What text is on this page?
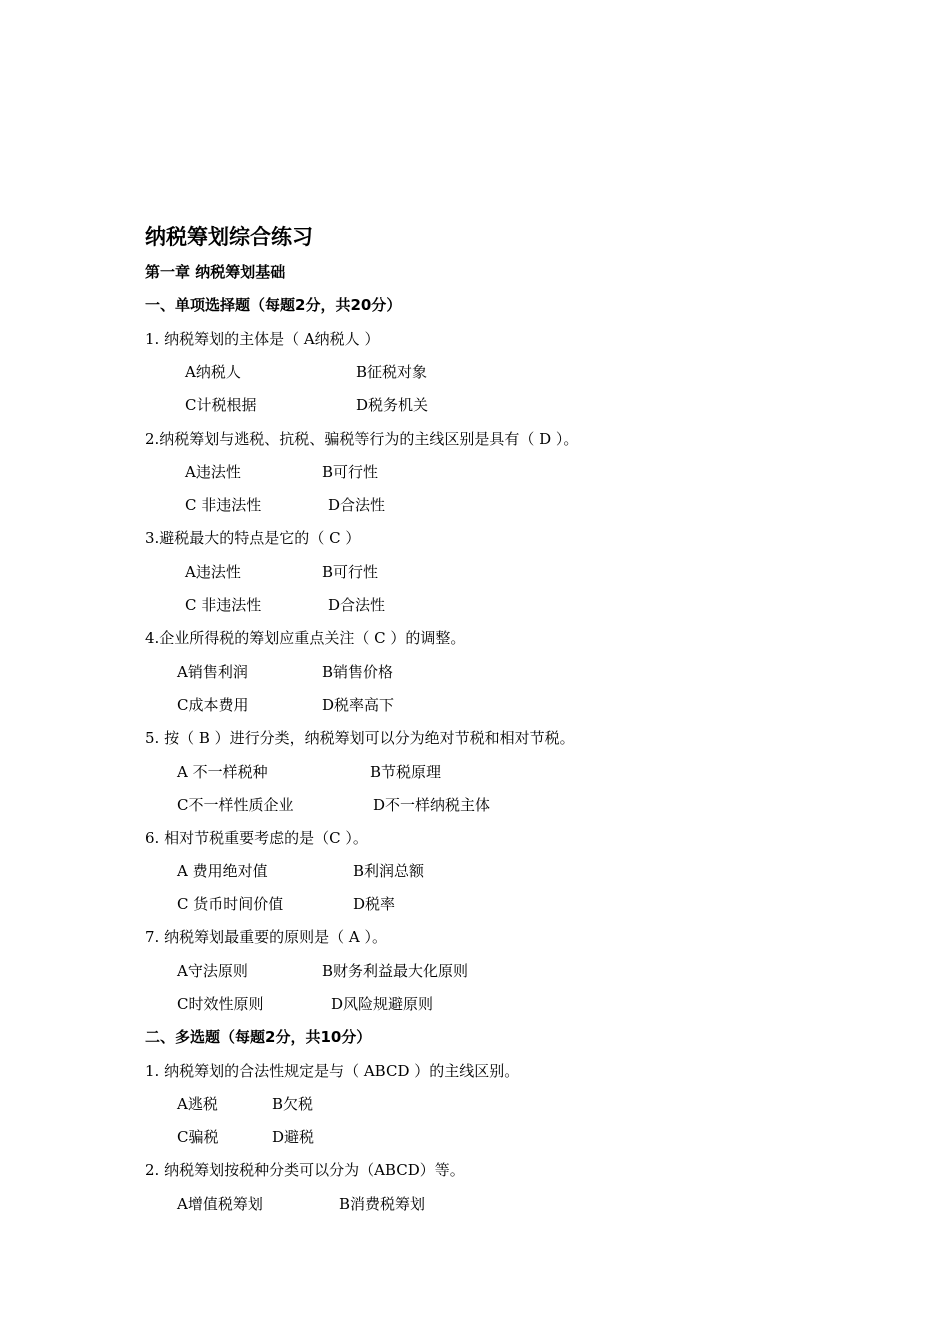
纳税筹划综合练习
第一章 纳税筹划基础
一、单项选择题（每题2分，共20分）
1. 纳税筹划的主体是（ A纳税人 ）
A纳税人	B征税对象
C计税根据	D税务机关
2.纳税筹划与逃税、抗税、骗税等行为的主线区别是具有（ D ）。
A违法性	B可行性
C 非违法性	D合法性
3.避税最大的特点是它的（ C ）
A违法性	B可行性
C 非违法性	D合法性
4.企业所得税的筹划应重点关注（ C ）的调整。
A销售利润	B销售价格
C成本费用	D税率高下
5. 按（ B ）进行分类，纳税筹划可以分为绝对节税和相对节税。
A 不一样税种	B节税原理
C不一样性质企业	D不一样纳税主体
6. 相对节税重要考虑的是（C ）。
A 费用绝对值	B利润总额
C 货币时间价值	D税率
7. 纳税筹划最重要的原则是（ A ）。
A守法原则	B财务利益最大化原则
C时效性原则	D风险规避原则
二、多选题（每题2分，共10分）
1. 纳税筹划的合法性规定是与（ ABCD ）的主线区别。
A逃税	B欠税
C骗税	D避税
2. 纳税筹划按税种分类可以分为（ABCD）等。
A增值税筹划	B消费税筹划
